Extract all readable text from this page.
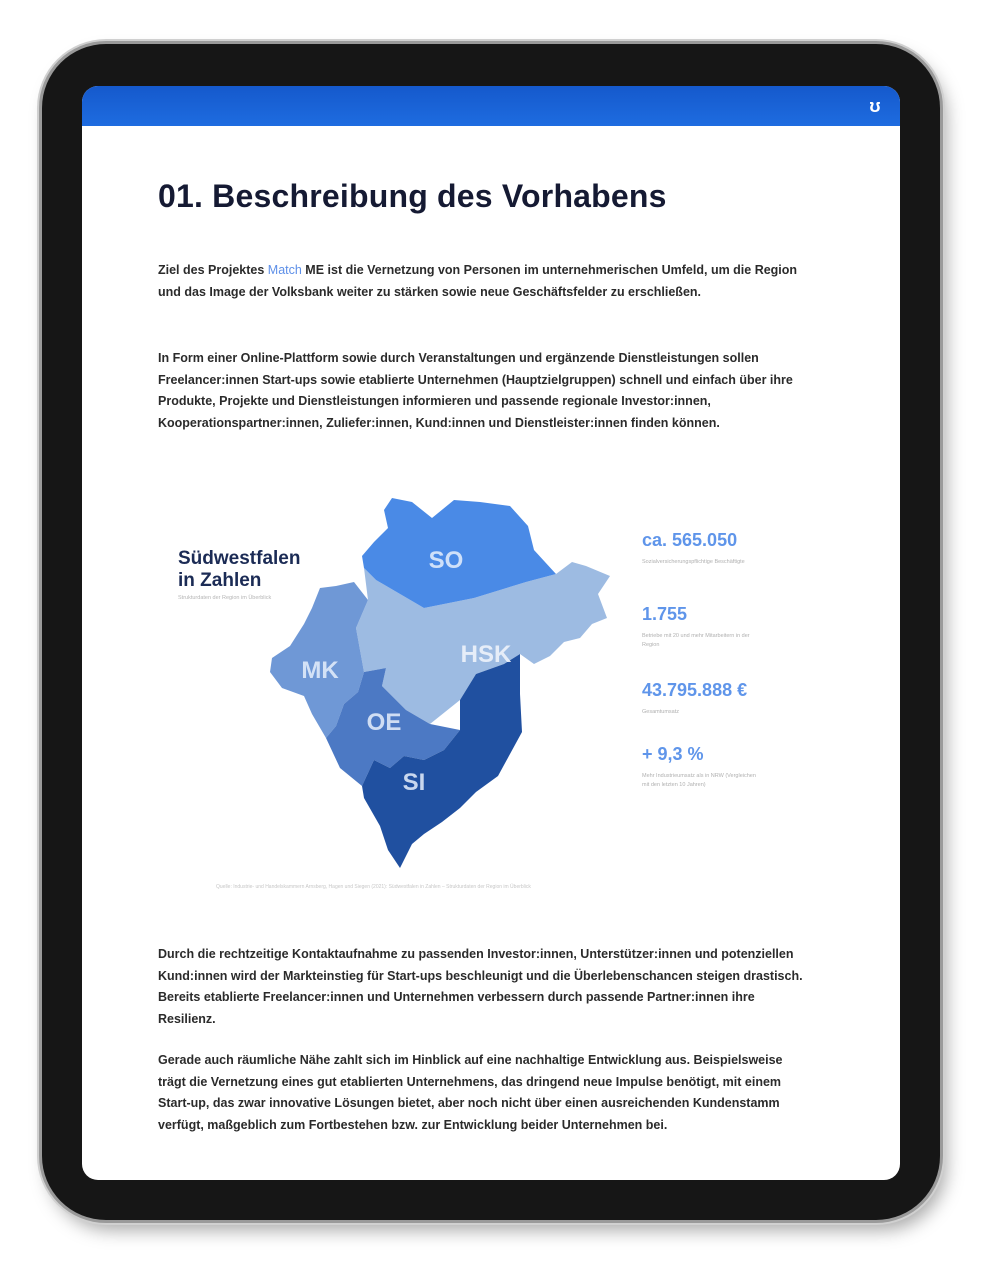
ʊ
01. Beschreibung des Vorhabens

Ziel des Projektes Match ME ist die Vernetzung von Personen im unternehmerischen Umfeld, um die Region und das Image der Volksbank weiter zu stärken sowie neue Geschäftsfelder zu erschließen.

In Form einer Online-Plattform sowie durch Veranstaltungen und ergänzende Dienstleistungen sollen Freelancer:innen Start-ups sowie etablierte Unternehmen (Hauptzielgruppen) schnell und einfach über ihre Produkte, Projekte und Dienstleistungen informieren und passende regionale Investor:innen, Kooperationspartner:innen, Zuliefer:innen, Kund:innen und Dienstleister:innen finden können.

Südwestfalen
in Zahlen
Strukturdaten der Region im Überblick
SO
HSK
MK
OE
SI
ca. 565.050
Sozialversicherungspflichtige Beschäftigte
1.755
Betriebe mit 20 und mehr Mitarbeitern in der Region
43.795.888 €
Gesamtumsatz
+ 9,3 %
Mehr Industrieumsatz als in NRW (Vergleichen mit den letzten 10 Jahren)
Quelle: Industrie- und Handelskammern Arnsberg, Hagen und Siegen (2021): Südwestfalen in Zahlen – Strukturdaten der Region im Überblick

Durch die rechtzeitige Kontaktaufnahme zu passenden Investor:innen, Unterstützer:innen und potenziellen Kund:innen wird der Markteinstieg für Start-ups beschleunigt und die Überlebenschancen steigen drastisch. Bereits etablierte Freelancer:innen und Unternehmen verbessern durch passende Partner:innen ihre Resilienz.

Gerade auch räumliche Nähe zahlt sich im Hinblick auf eine nachhaltige Entwicklung aus. Beispielsweise trägt die Vernetzung eines gut etablierten Unternehmens, das dringend neue Impulse benötigt, mit einem Start-up, das zwar innovative Lösungen bietet, aber noch nicht über einen ausreichenden Kundenstamm verfügt, maßgeblich zum Fortbestehen bzw. zur Entwicklung beider Unternehmen bei.
